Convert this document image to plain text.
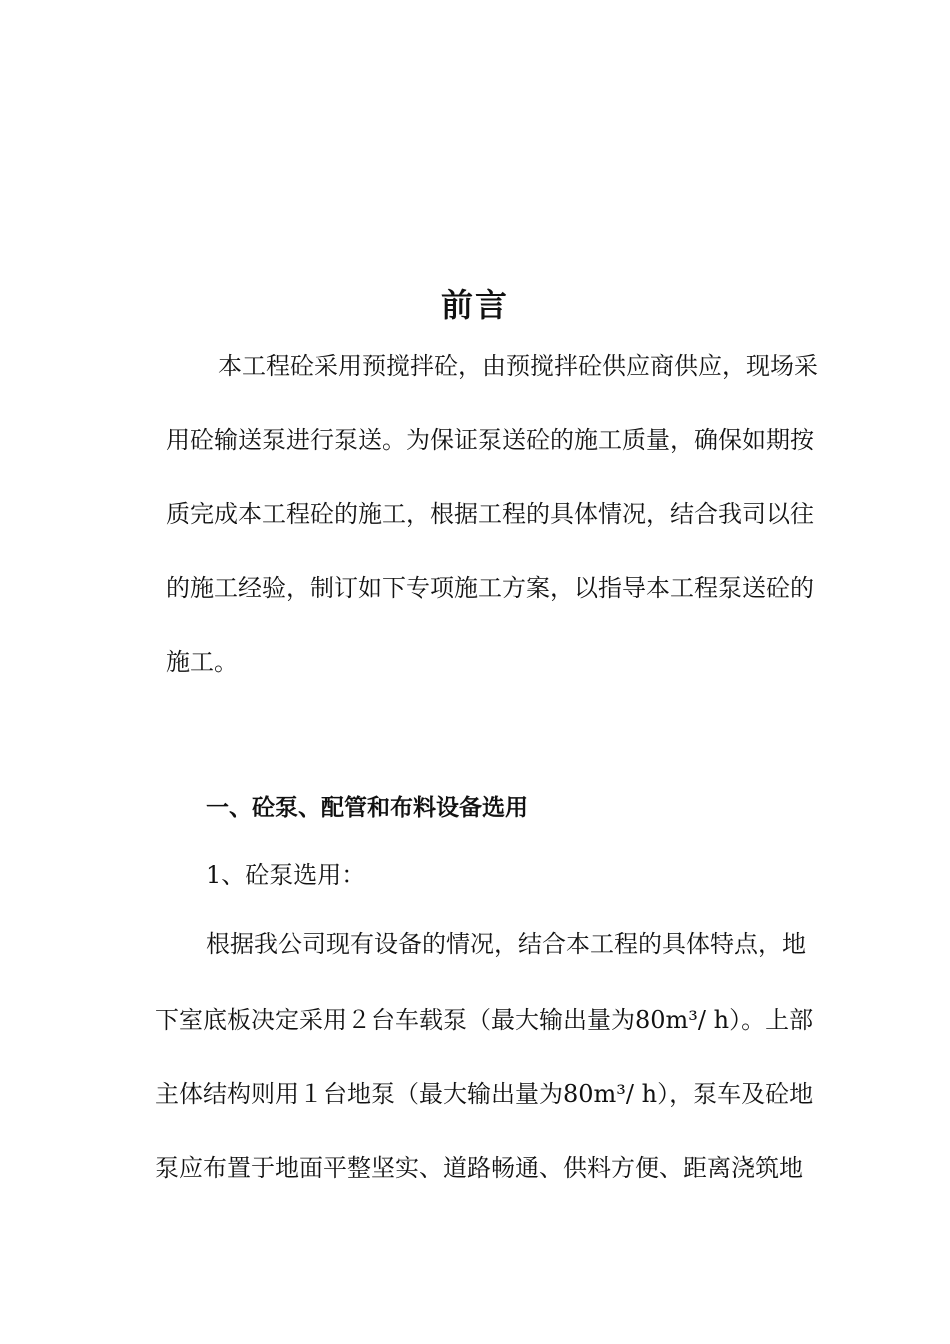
前言
本工程砼采用预搅拌砼，由预搅拌砼供应商供应，现场采
用砼输送泵进行泵送。为保证泵送砼的施工质量，确保如期按
质完成本工程砼的施工，根据工程的具体情况，结合我司以往
的施工经验，制订如下专项施工方案，以指导本工程泵送砼的
施工。
一、砼泵、配管和布料设备选用
1、砼泵选用：
根据我公司现有设备的情况，结合本工程的具体特点，地
下室底板决定采用２台车载泵（最大输出量为80m³/ h）。上部
主体结构则用１台地泵（最大输出量为80m³/ h），泵车及砼地
泵应布置于地面平整坚实、道路畅通、供料方便、距离浇筑地
